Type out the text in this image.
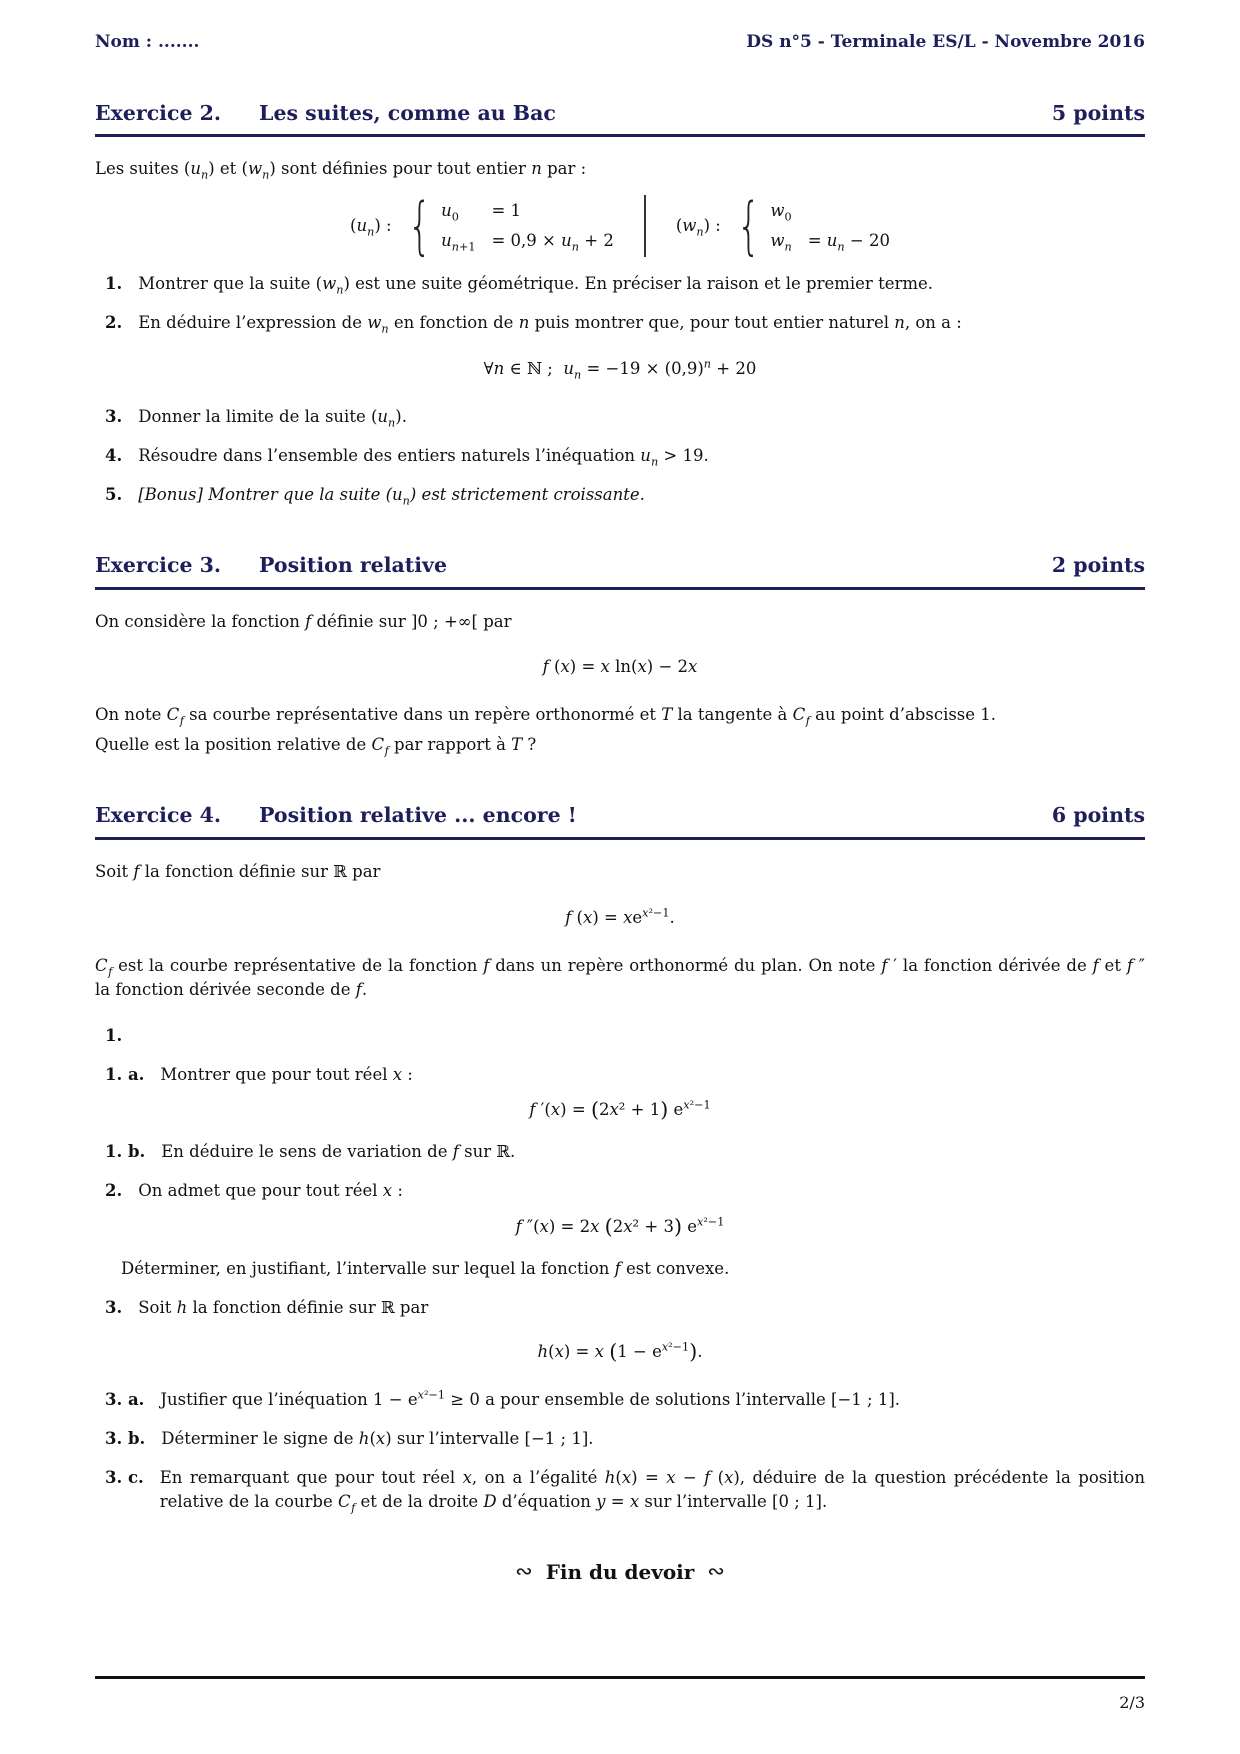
Nom : .......	DS n°5 - Terminale ES/L - Novembre 2016
Exercice 2. Les suites, comme au Bac	5 points

Les suites $(u_n)$ et $(w_n)$ sont définies pour tout entier n par :

$(u_n)$ : { $u_0$	= 1
$u_{n+1} = 0,9 \times u_n + 2$
$(w_n)$ : { $w_0$
$w_n = u_n - 20$
1. Montrer que la suite $(w_n)$ est une suite géométrique. En préciser la raison et le premier terme.
2. En déduire l’expression de $w_n$ en fonction de n puis montrer que, pour tout entier naturel n, on a :

∀n ∈ ℕ ;  $u_n = -19 \times (0,9)^n + 20$

3. Donner la limite de la suite $(u_n)$.
4. Résoudre dans l’ensemble des entiers naturels l’inéquation $u_n > 19$.
5. [Bonus] Montrer que la suite $(u_n)$ est strictement croissante.
Exercice 3. Position relative	2 points

On considère la fonction f définie sur ]0 ; +∞[ par

f (x) = x ln(x) − 2x

On note $C_f$ sa courbe représentative dans un repère orthonormé et T la tangente à $C_f$ au point d’abscisse 1.

Quelle est la position relative de $C_f$ par rapport à T ?

Exercice 4. Position relative ... encore !	6 points

Soit f la fonction définie sur ℝ par

f $(x) = xe^{x^2-1}$.

$C_f$ est la courbe représentative de la fonction f dans un repère orthonormé du plan. On note f ′ la fonction dérivée de f et f ″ la fonction dérivée seconde de f.

1.
1. a. Montrer que pour tout réel x :

f ′(x) = (2x² + 1) $e^{x^2-1}$

1. b. En déduire le sens de variation de f sur ℝ.
2. On admet que pour tout réel x :

f ″(x) = 2x (2x² + 3) $e^{x^2-1}$

Déterminer, en justifiant, l’intervalle sur lequel la fonction f est convexe.

3. Soit h la fonction définie sur ℝ par

h(x) = x $(1 - e^{x^2-1})$.

3. a. Justifier que l’inéquation $1 - e^{x^2-1} \ge 0$ a pour ensemble de solutions l’intervalle [−1 ; 1].
3. b. Déterminer le signe de h(x) sur l’intervalle [−1 ; 1].
3. c. En remarquant que pour tout réel x, on a l’égalité h(x) = x − f (x), déduire de la question précédente la position relative de la courbe $C_f$ et de la droite D d’équation y = x sur l’intervalle [0 ; 1].
∾ Fin du devoir ∾
2/3
